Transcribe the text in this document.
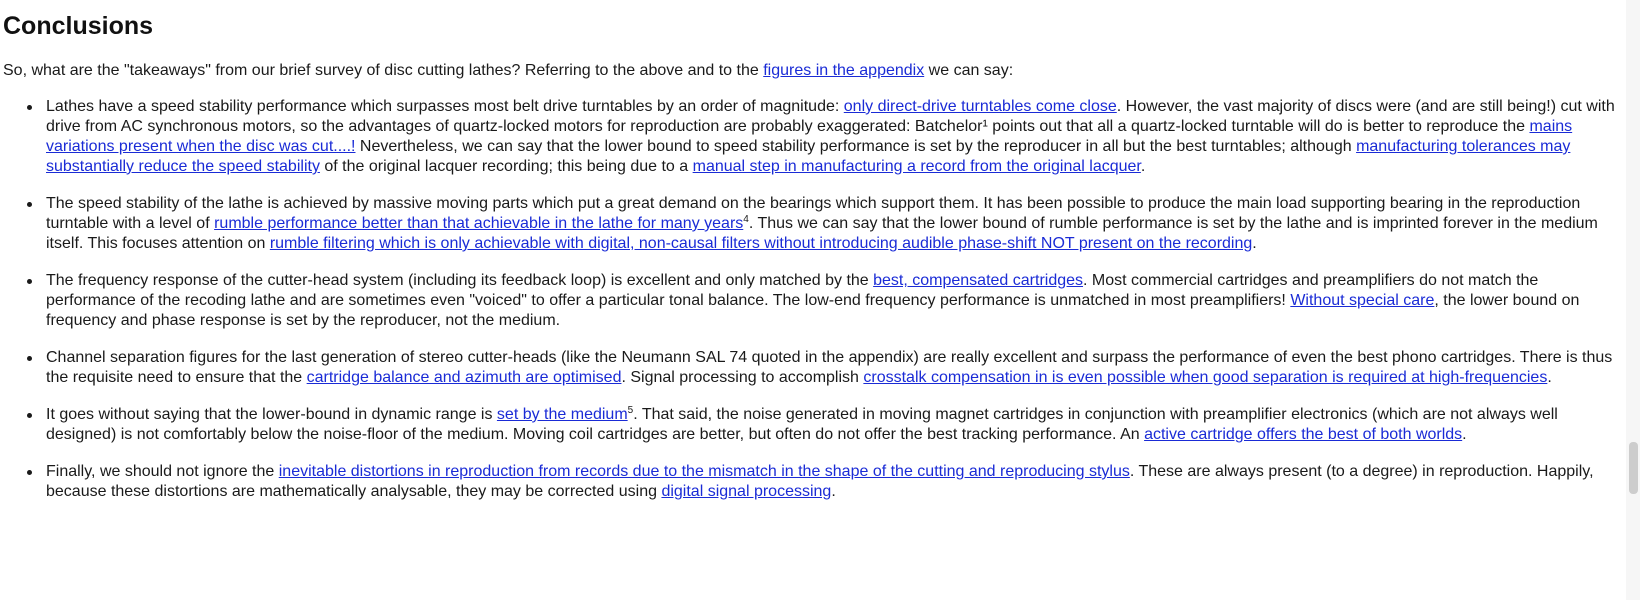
Conclusions

So, what are the "takeaways" from our brief survey of disc cutting lathes? Referring to the above and to the figures in the appendix we can say:

Lathes have a speed stability performance which surpasses most belt drive turntables by an order of magnitude: only direct-drive turntables come close. However, the vast majority of discs were (and are still being!) cut with drive from AC synchronous motors, so the advantages of quartz-locked motors for reproduction are probably exaggerated: Batchelor¹ points out that all a quartz-locked turntable will do is better to reproduce the mains variations present when the disc was cut....! Nevertheless, we can say that the lower bound to speed stability performance is set by the reproducer in all but the best turntables; although manufacturing tolerances may substantially reduce the speed stability of the original lacquer recording; this being due to a manual step in manufacturing a record from the original lacquer.
The speed stability of the lathe is achieved by massive moving parts which put a great demand on the bearings which support them. It has been possible to produce the main load supporting bearing in the reproduction turntable with a level of rumble performance better than that achievable in the lathe for many years$^4$. Thus we can say that the lower bound of rumble performance is set by the lathe and is imprinted forever in the medium itself. This focuses attention on rumble filtering which is only achievable with digital, non-causal filters without introducing audible phase-shift NOT present on the recording.
The frequency response of the cutter-head system (including its feedback loop) is excellent and only matched by the best, compensated cartridges. Most commercial cartridges and preamplifiers do not match the performance of the recoding lathe and are sometimes even "voiced" to offer a particular tonal balance. The low-end frequency performance is unmatched in most preamplifiers! Without special care, the lower bound on frequency and phase response is set by the reproducer, not the medium.
Channel separation figures for the last generation of stereo cutter-heads (like the Neumann SAL 74 quoted in the appendix) are really excellent and surpass the performance of even the best phono cartridges. There is thus the requisite need to ensure that the cartridge balance and azimuth are optimised. Signal processing to accomplish crosstalk compensation in is even possible when good separation is required at high-frequencies.
It goes without saying that the lower-bound in dynamic range is set by the medium$^5$. That said, the noise generated in moving magnet cartridges in conjunction with preamplifier electronics (which are not always well designed) is not comfortably below the noise-floor of the medium. Moving coil cartridges are better, but often do not offer the best tracking performance. An active cartridge offers the best of both worlds.
Finally, we should not ignore the inevitable distortions in reproduction from records due to the mismatch in the shape of the cutting and reproducing stylus. These are always present (to a degree) in reproduction. Happily, because these distortions are mathematically analysable, they may be corrected using digital signal processing.
